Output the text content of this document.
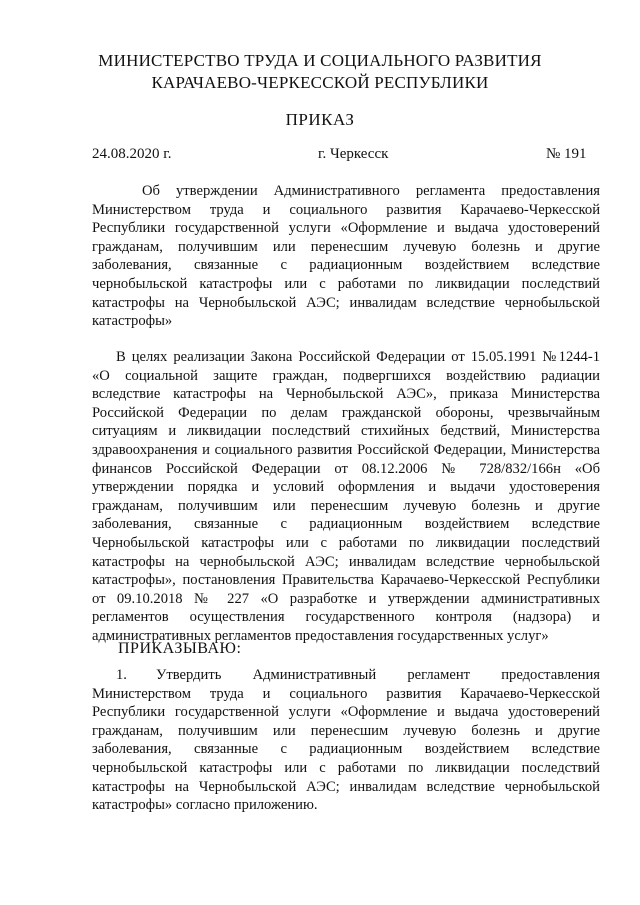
МИНИСТЕРСТВО ТРУДА И СОЦИАЛЬНОГО РАЗВИТИЯ
КАРАЧАЕВО-ЧЕРКЕССКОЙ РЕСПУБЛИКИ
ПРИКАЗ
24.08.2020 г.	г. Черкесск	№ 191
Об утверждении Административного регламента предоставления Министерством труда и социального развития Карачаево-Черкесской Республики государственной услуги «Оформление и выдача удостоверений гражданам, получившим или перенесшим лучевую болезнь и другие заболевания, связанные с радиационным воздействием вследствие чернобыльской катастрофы или с работами по ликвидации последствий катастрофы на Чернобыльской АЭС; инвалидам вследствие чернобыльской катастрофы»
В целях реализации Закона Российской Федерации от 15.05.1991 №1244-1 «О социальной защите граждан, подвергшихся воздействию радиации вследствие катастрофы на Чернобыльской АЭС», приказа Министерства Российской Федерации по делам гражданской обороны, чрезвычайным ситуациям и ликвидации последствий стихийных бедствий, Министерства здравоохранения и социального развития Российской Федерации, Министерства финансов Российской Федерации от 08.12.2006 № 728/832/166н «Об утверждении порядка и условий оформления и выдачи удостоверения гражданам, получившим или перенесшим лучевую болезнь и другие заболевания, связанные с радиационным воздействием вследствие Чернобыльской катастрофы или с работами по ликвидации последствий катастрофы на чернобыльской АЭС; инвалидам вследствие чернобыльской катастрофы», постановления Правительства Карачаево-Черкесской Республики от 09.10.2018 № 227 «О разработке и утверждении административных регламентов осуществления государственного контроля (надзора) и административных регламентов предоставления государственных услуг»
ПРИКАЗЫВАЮ:
1. Утвердить Административный регламент предоставления Министерством труда и социального развития Карачаево-Черкесской Республики государственной услуги «Оформление и выдача удостоверений гражданам, получившим или перенесшим лучевую болезнь и другие заболевания, связанные с радиационным воздействием вследствие чернобыльской катастрофы или с работами по ликвидации последствий катастрофы на Чернобыльской АЭС; инвалидам вследствие чернобыльской катастрофы» согласно приложению.
